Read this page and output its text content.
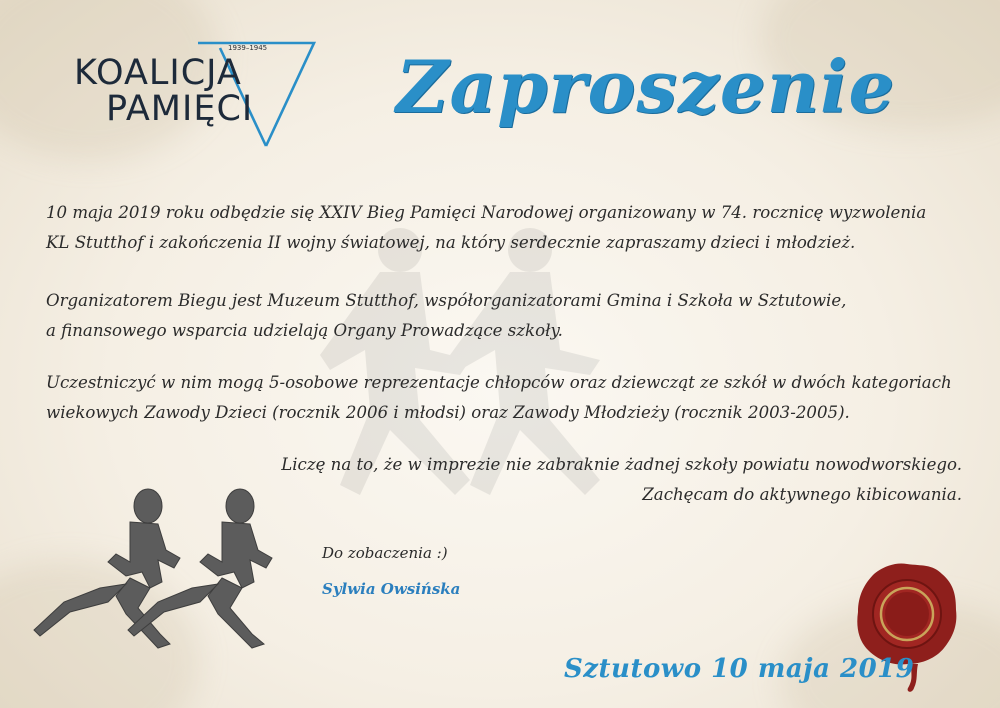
1939–1945
KOALICJA
PAMIĘCI Zaproszenie

10 maja 2019 roku odbędzie się XXIV Bieg Pamięci Narodowej organizowany w 74. rocznicę wyzwolenia
KL Stutthof i zakończenia II wojny światowej, na który serdecznie zapraszamy dzieci i młodzież.

Organizatorem Biegu jest Muzeum Stutthof, współorganizatorami Gmina i Szkoła w Sztutowie,
a finansowego wsparcia udzielają Organy Prowadzące szkoły.

Uczestniczyć w nim mogą 5-osobowe reprezentacje chłopców oraz dziewcząt ze szkół w dwóch kategoriach
wiekowych Zawody Dzieci (rocznik 2006 i młodsi) oraz Zawody Młodzieży (rocznik 2003-2005).

Liczę na to, że w imprezie nie zabraknie żadnej szkoły powiatu nowodworskiego.
Zachęcam do aktywnego kibicowania.

Do zobaczenia :)
Sylwia Owsińska
Sztutowo 10 maja 2019
